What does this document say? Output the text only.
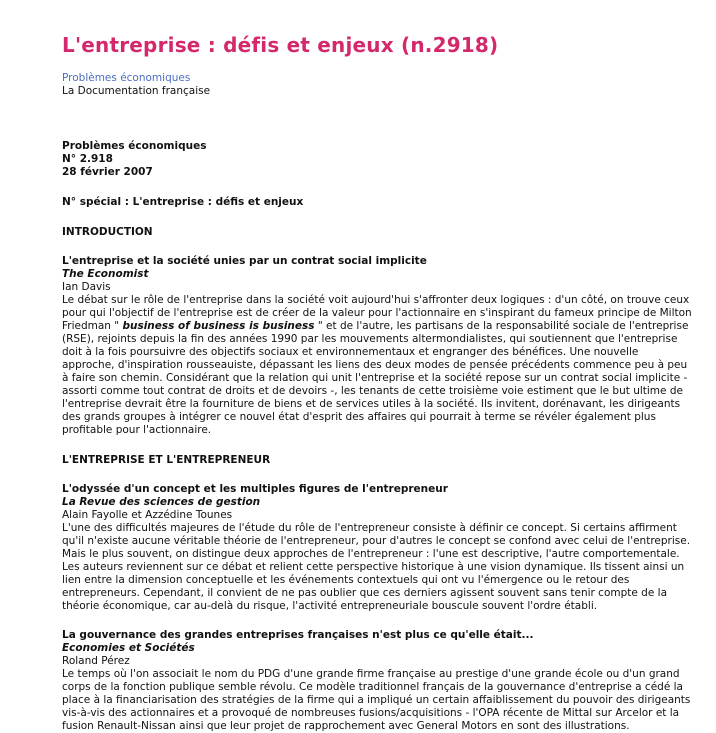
L'entreprise : défis et enjeux (n.2918)
Problèmes économiques
La Documentation française
Problèmes économiques
N° 2.918
28 février 2007
N° spécial : L'entreprise : défis et enjeux
INTRODUCTION
L'entreprise et la société unies par un contrat social implicite
The Economist
Ian Davis
Le débat sur le rôle de l'entreprise dans la société voit aujourd'hui s'affronter deux logiques : d'un côté, on trouve ceux pour qui l'objectif de l'entreprise est de créer de la valeur pour l'actionnaire en s'inspirant du fameux principe de Milton Friedman " business of business is business " et de l'autre, les partisans de la responsabilité sociale de l'entreprise (RSE), rejoints depuis la fin des années 1990 par les mouvements altermondialistes, qui soutiennent que l'entreprise doit à la fois poursuivre des objectifs sociaux et environnementaux et engranger des bénéfices. Une nouvelle approche, d'inspiration rousseauiste, dépassant les liens des deux modes de pensée précédents commence peu à peu à faire son chemin. Considérant que la relation qui unit l'entreprise et la société repose sur un contrat social implicite - assorti comme tout contrat de droits et de devoirs -, les tenants de cette troisième voie estiment que le but ultime de l'entreprise devrait être la fourniture de biens et de services utiles à la société. Ils invitent, dorénavant, les dirigeants des grands groupes à intégrer ce nouvel état d'esprit des affaires qui pourrait à terme se révéler également plus profitable pour l'actionnaire.
L'ENTREPRISE ET L'ENTREPRENEUR
L'odyssée d'un concept et les multiples figures de l'entrepreneur
La Revue des sciences de gestion
Alain Fayolle et Azzédine Tounes
L'une des difficultés majeures de l'étude du rôle de l'entrepreneur consiste à définir ce concept. Si certains affirment qu'il n'existe aucune véritable théorie de l'entrepreneur, pour d'autres le concept se confond avec celui de l'entreprise. Mais le plus souvent, on distingue deux approches de l'entrepreneur : l'une est descriptive, l'autre comportementale. Les auteurs reviennent sur ce débat et relient cette perspective historique à une vision dynamique. Ils tissent ainsi un lien entre la dimension conceptuelle et les événements contextuels qui ont vu l'émergence ou le retour des entrepreneurs. Cependant, il convient de ne pas oublier que ces derniers agissent souvent sans tenir compte de la théorie économique, car au-delà du risque, l'activité entrepreneuriale bouscule souvent l'ordre établi.
La gouvernance des grandes entreprises françaises n'est plus ce qu'elle était...
Economies et Sociétés
Roland Pérez
Le temps où l'on associait le nom du PDG d'une grande firme française au prestige d'une grande école ou d'un grand corps de la fonction publique semble révolu. Ce modèle traditionnel français de la gouvernance d'entreprise a cédé la place à la financiarisation des stratégies de la firme qui a impliqué un certain affaiblissement du pouvoir des dirigeants vis-à-vis des actionnaires et a provoqué de nombreuses fusions/acquisitions - l'OPA récente de Mittal sur Arcelor et la fusion Renault-Nissan ainsi que leur projet de rapprochement avec General Motors en sont des illustrations.
